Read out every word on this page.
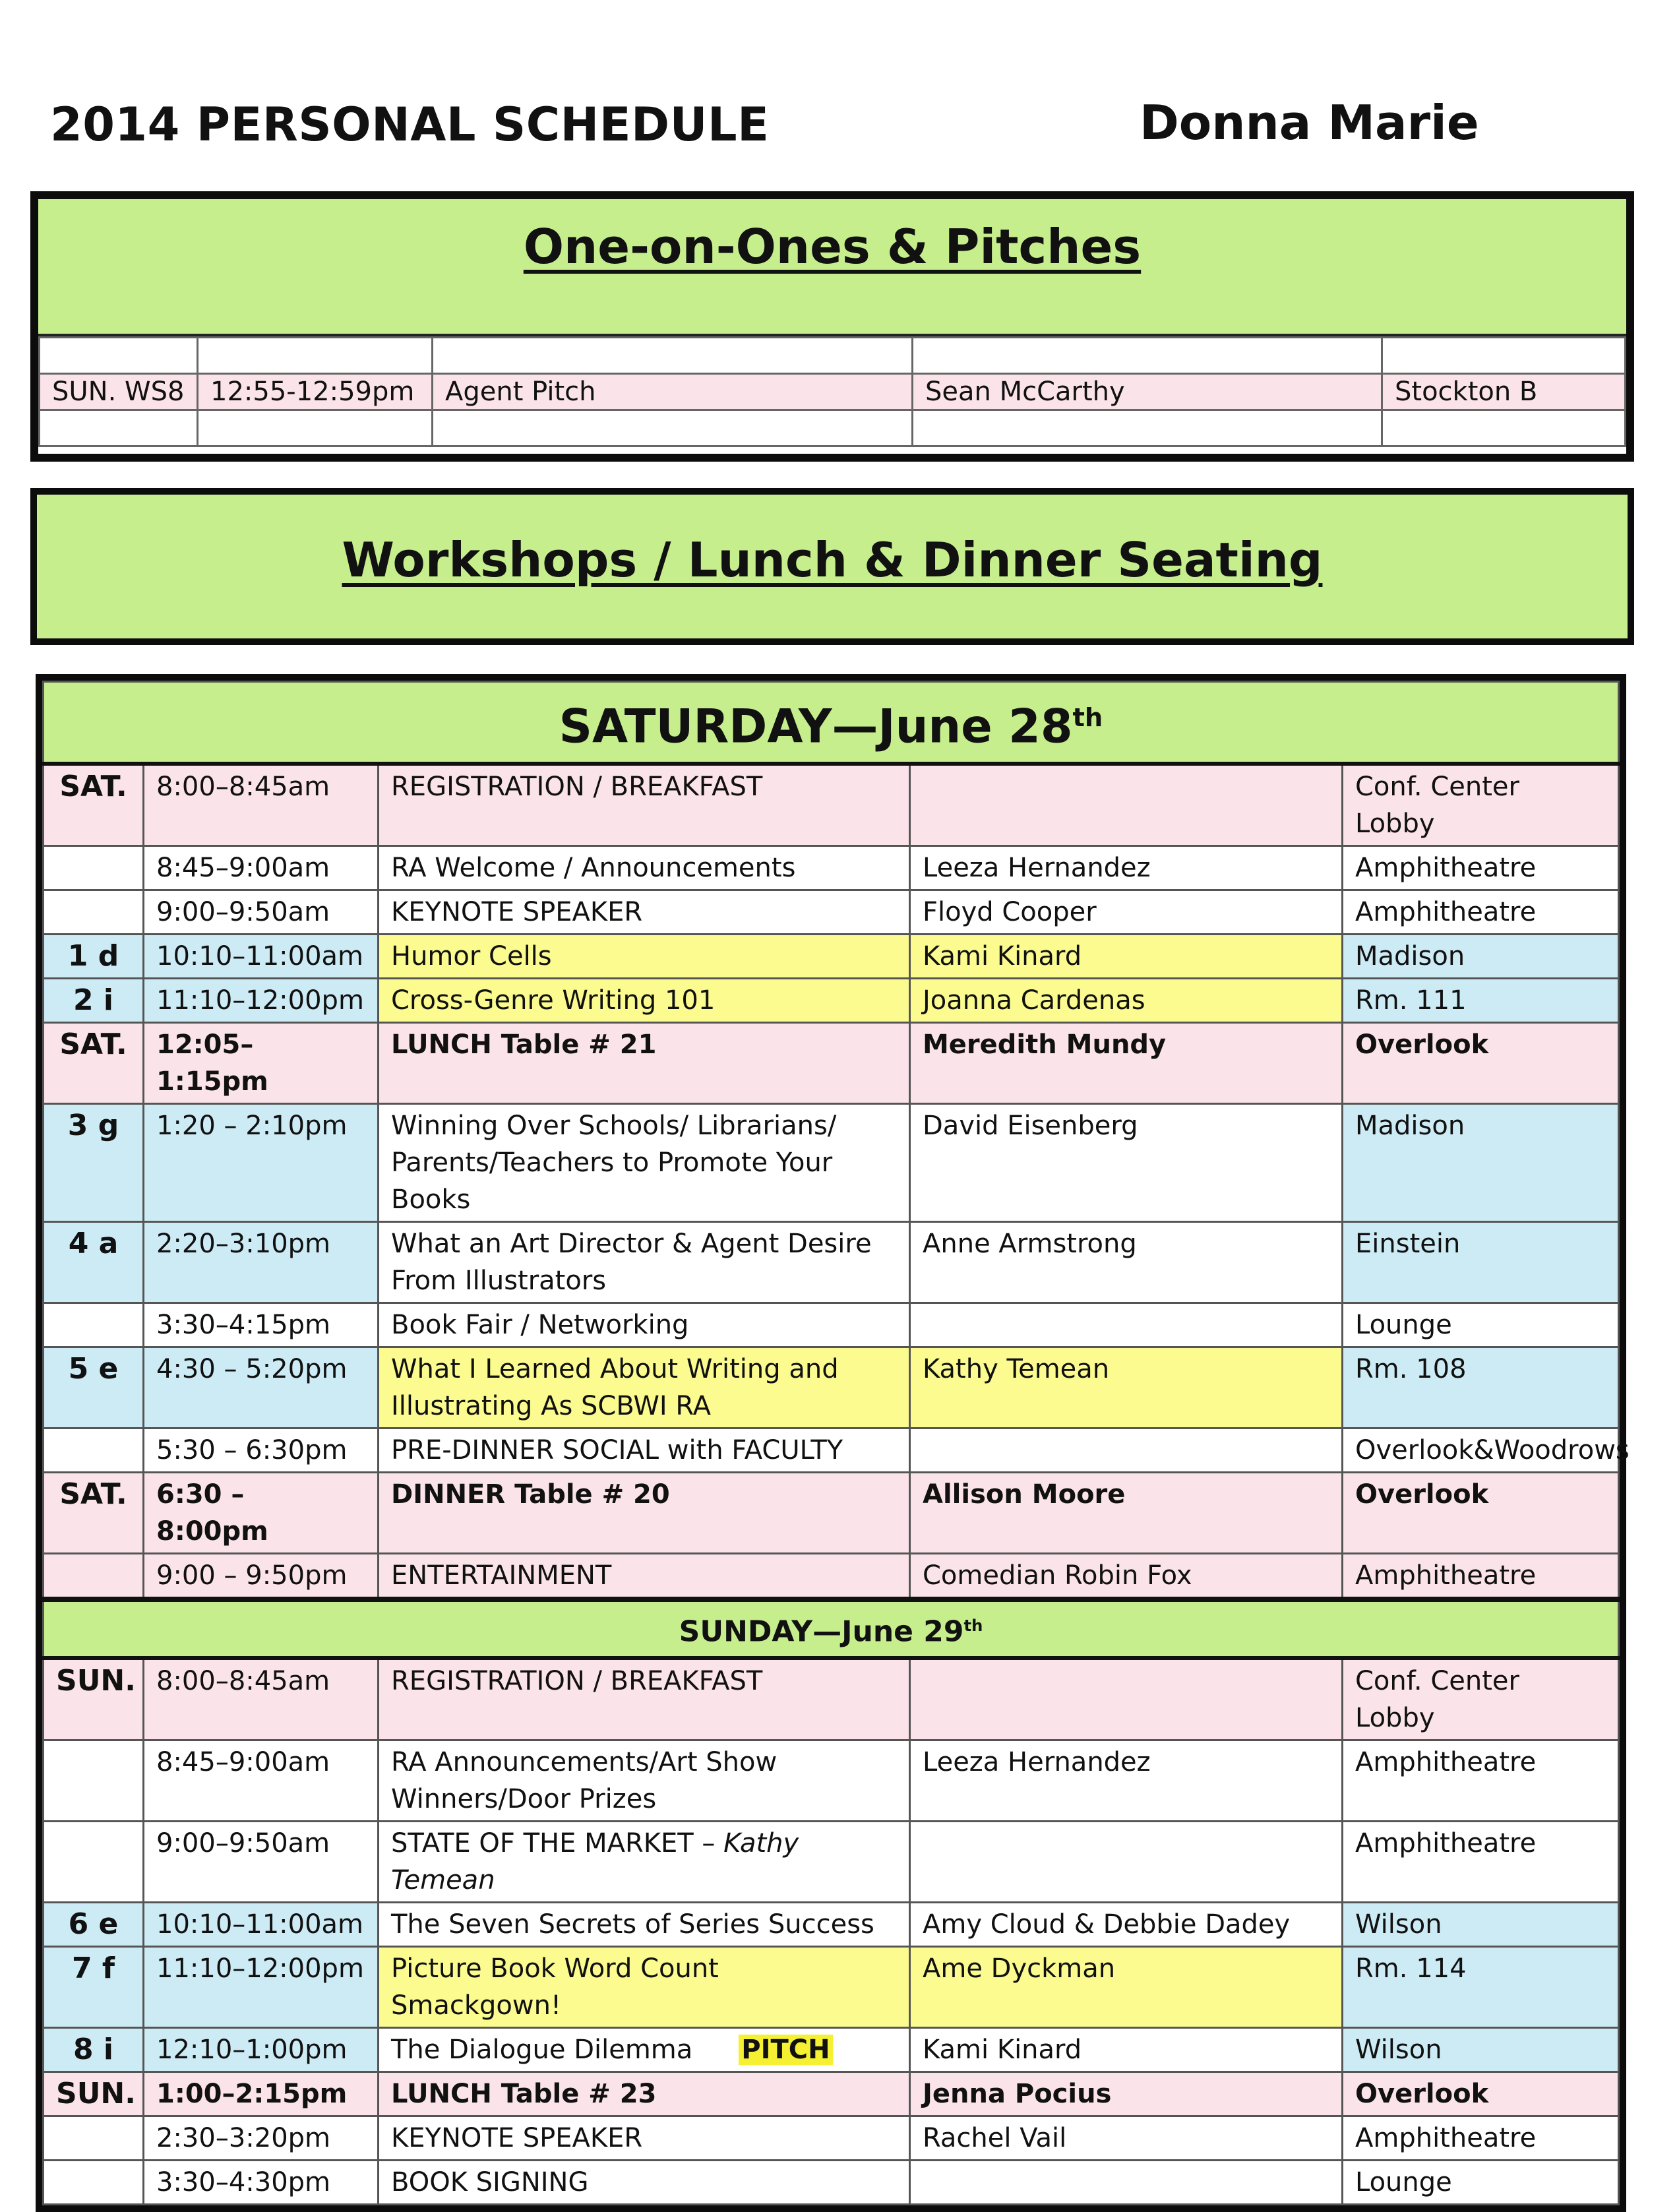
2014 PERSONAL SCHEDULE	Donna Marie
One-on-Ones & Pitches

SUN. WS8	12:55-12:59pm	Agent Pitch	Sean McCarthy	Stockton B

Workshops / Lunch & Dinner Seating
SATURDAY—June 28th
SAT.	8:00–8:45am	REGISTRATION / BREAKFAST		Conf. Center Lobby
	8:45–9:00am	RA Welcome / Announcements	Leeza Hernandez	Amphitheatre
	9:00–9:50am	KEYNOTE SPEAKER	Floyd Cooper	Amphitheatre
1 d	10:10–11:00am	Humor Cells	Kami Kinard	Madison
2 i	11:10–12:00pm	Cross-Genre Writing 101	Joanna Cardenas	Rm. 111
SAT.	12:05–1:15pm	LUNCH Table # 21	Meredith Mundy	Overlook
3 g	1:20 – 2:10pm	Winning Over Schools/ Librarians/
Parents/Teachers to Promote Your Books	David Eisenberg	Madison
4 a	2:20–3:10pm	What an Art Director & Agent Desire
From Illustrators	Anne Armstrong	Einstein
	3:30–4:15pm	Book Fair / Networking		Lounge
5 e	4:30 – 5:20pm	What I Learned About Writing and
Illustrating As SCBWI RA	Kathy Temean	Rm. 108
	5:30 – 6:30pm	PRE-DINNER SOCIAL with FACULTY		Overlook&Woodrows
SAT.	6:30 – 8:00pm	DINNER Table # 20	Allison Moore	Overlook
	9:00 – 9:50pm	ENTERTAINMENT	Comedian Robin Fox	Amphitheatre
SUNDAY—June 29th
SUN.	8:00–8:45am	REGISTRATION / BREAKFAST		Conf. Center Lobby
	8:45–9:00am	RA Announcements/Art Show
Winners/Door Prizes	Leeza Hernandez	Amphitheatre
	9:00–9:50am	STATE OF THE MARKET – Kathy Temean		Amphitheatre
6 e	10:10–11:00am	The Seven Secrets of Series Success	Amy Cloud & Debbie Dadey	Wilson
7 f	11:10–12:00pm	Picture Book Word Count Smackgown!	Ame Dyckman	Rm. 114
8 i	12:10–1:00pm	The Dialogue Dilemma PITCH	Kami Kinard	Wilson
SUN.	1:00–2:15pm	LUNCH Table # 23	Jenna Pocius	Overlook
	2:30–3:20pm	KEYNOTE SPEAKER	Rachel Vail	Amphitheatre
	3:30–4:30pm	BOOK SIGNING		Lounge
